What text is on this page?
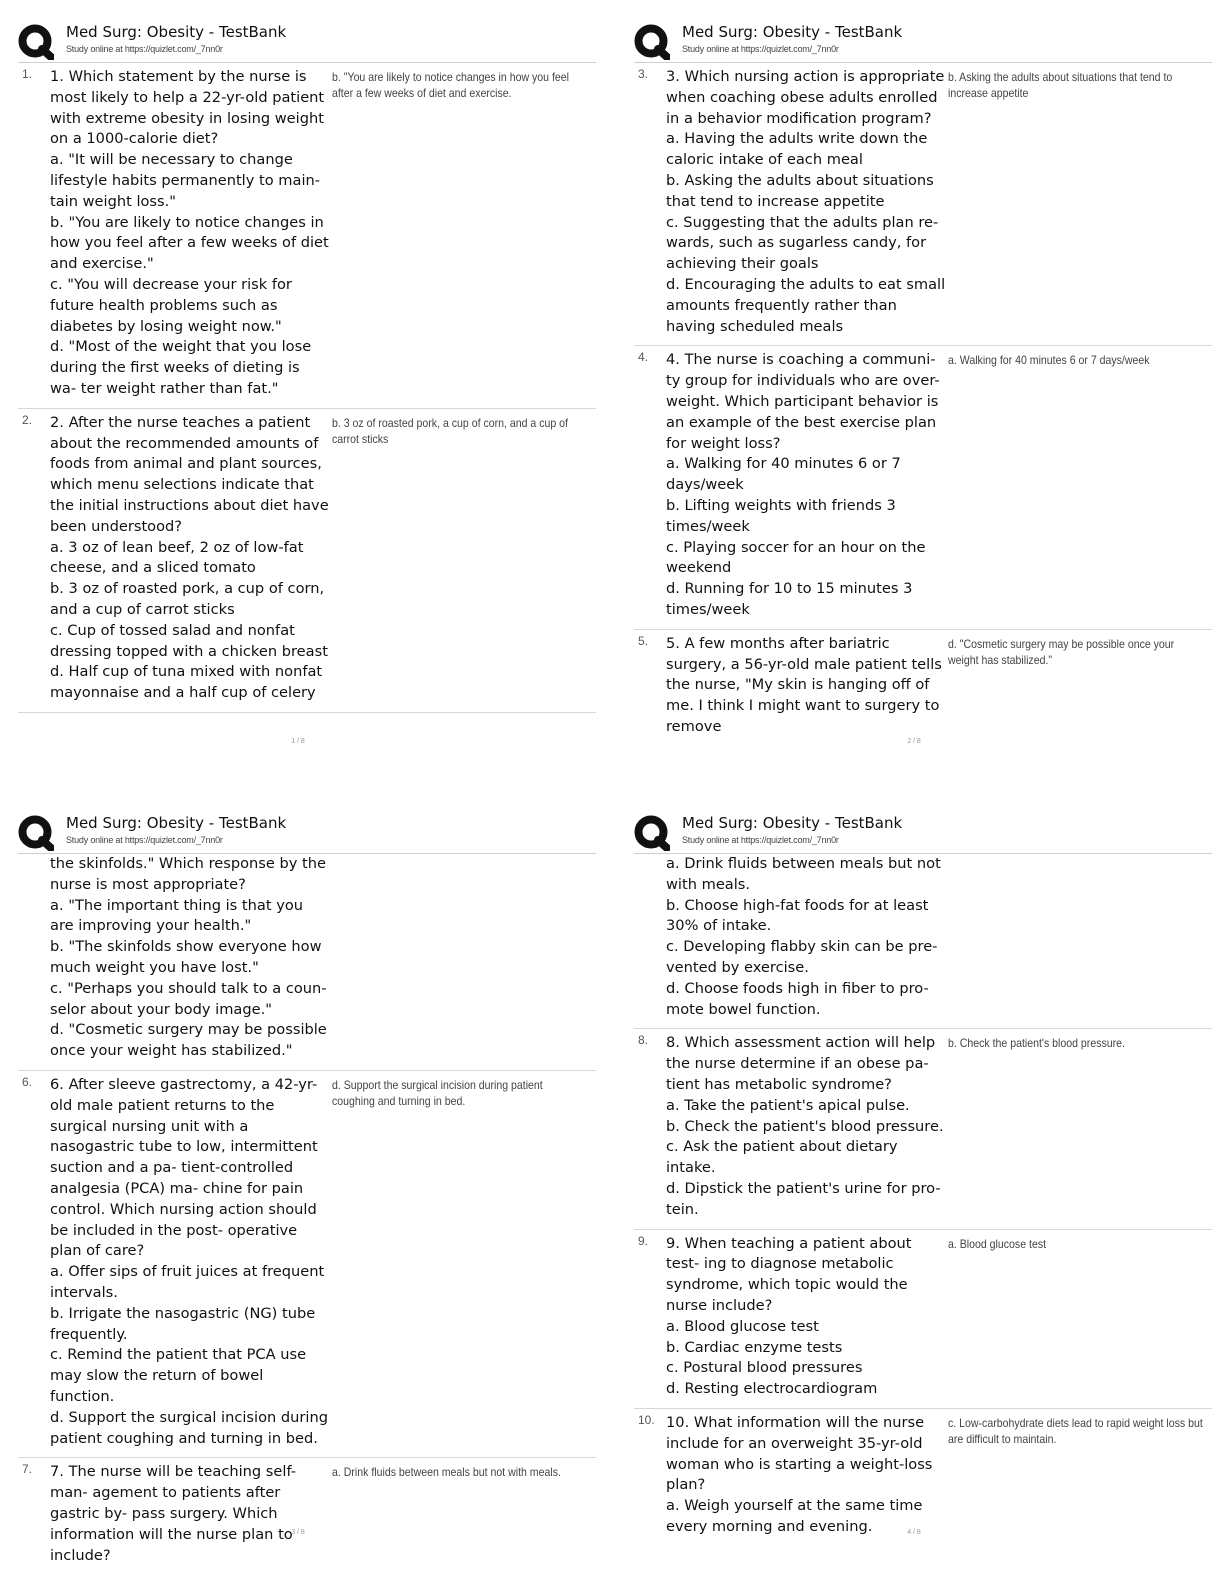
Med Surg: Obesity - TestBank
Study online at https://quizlet.com/_7nn0r
1.	1. Which statement by the nurse is most likely to help a 22-yr-old patient with extreme obesity in losing weight on a 1000-calorie diet?
a. "It will be necessary to change lifestyle habits permanently to main- tain weight loss."
b. "You are likely to notice changes in how you feel after a few weeks of diet and exercise."
c. "You will decrease your risk for future health problems such as diabetes by losing weight now."
d. "Most of the weight that you lose during the first weeks of dieting is wa- ter weight rather than fat."
b. "You are likely to notice changes in how you feel after a few weeks of diet and exercise.
2.	2. After the nurse teaches a patient about the recommended amounts of foods from animal and plant sources, which menu selections indicate that the initial instructions about diet have been understood?
a. 3 oz of lean beef, 2 oz of low-fat cheese, and a sliced tomato
b. 3 oz of roasted pork, a cup of corn, and a cup of carrot sticks
c. Cup of tossed salad and nonfat dressing topped with a chicken breast
d. Half cup of tuna mixed with nonfat mayonnaise and a half cup of celery
b. 3 oz of roasted pork, a cup of corn, and a cup of carrot sticks
1 / 8
Med Surg: Obesity - TestBank
Study online at https://quizlet.com/_7nn0r
3.	3. Which nursing action is appropriate when coaching obese adults enrolled in a behavior modification program?
a. Having the adults write down the caloric intake of each meal
b. Asking the adults about situations that tend to increase appetite
c. Suggesting that the adults plan re- wards, such as sugarless candy, for achieving their goals
d. Encouraging the adults to eat small amounts frequently rather than having scheduled meals
b. Asking the adults about situations that tend to increase appetite
4.	4. The nurse is coaching a communi- ty group for individuals who are over- weight. Which participant behavior is an example of the best exercise plan for weight loss?
a. Walking for 40 minutes 6 or 7 days/week
b. Lifting weights with friends 3 times/week
c. Playing soccer for an hour on the weekend
d. Running for 10 to 15 minutes 3 times/week
a. Walking for 40 minutes 6 or 7 days/week
5.	5. A few months after bariatric surgery, a 56-yr-old male patient tells the nurse, "My skin is hanging off of me. I think I might want to surgery to remove
d. "Cosmetic surgery may be possible once your weight has stabilized."
2 / 8
Med Surg: Obesity - TestBank
Study online at https://quizlet.com/_7nn0r
the skinfolds." Which response by the nurse is most appropriate?
a. "The important thing is that you are improving your health."
b. "The skinfolds show everyone how much weight you have lost."
c. "Perhaps you should talk to a coun- selor about your body image."
d. "Cosmetic surgery may be possible once your weight has stabilized."
6.	6. After sleeve gastrectomy, a 42-yr-old male patient returns to the surgical nursing unit with a nasogastric tube to low, intermittent suction and a pa- tient-controlled analgesia (PCA) ma- chine for pain control. Which nursing action should be included in the post- operative plan of care?
a. Offer sips of fruit juices at frequent intervals.
b. Irrigate the nasogastric (NG) tube frequently.
c. Remind the patient that PCA use may slow the return of bowel function.
d. Support the surgical incision during patient coughing and turning in bed.
d. Support the surgical incision during patient coughing and turning in bed.
7.	7. The nurse will be teaching self-man- agement to patients after gastric by- pass surgery. Which information will the nurse plan to include?
a. Drink fluids between meals but not with meals.
3 / 8
Med Surg: Obesity - TestBank
Study online at https://quizlet.com/_7nn0r
a. Drink fluids between meals but not with meals.
b. Choose high-fat foods for at least 30% of intake.
c. Developing flabby skin can be pre- vented by exercise.
d. Choose foods high in fiber to pro- mote bowel function.
8.	8. Which assessment action will help the nurse determine if an obese pa- tient has metabolic syndrome?
a. Take the patient's apical pulse.
b. Check the patient's blood pressure.
c. Ask the patient about dietary intake.
d. Dipstick the patient's urine for pro- tein.
b. Check the patient's blood pressure.
9.	9. When teaching a patient about test- ing to diagnose metabolic syndrome, which topic would the nurse include?
a. Blood glucose test
b. Cardiac enzyme tests
c. Postural blood pressures
d. Resting electrocardiogram
a. Blood glucose test
10. 10. What information will the nurse include for an overweight 35-yr-old woman who is starting a weight-loss plan?
a. Weigh yourself at the same time every morning and evening.
c. Low-carbohydrate diets lead to rapid weight loss but are difficult to maintain.
4 / 8
